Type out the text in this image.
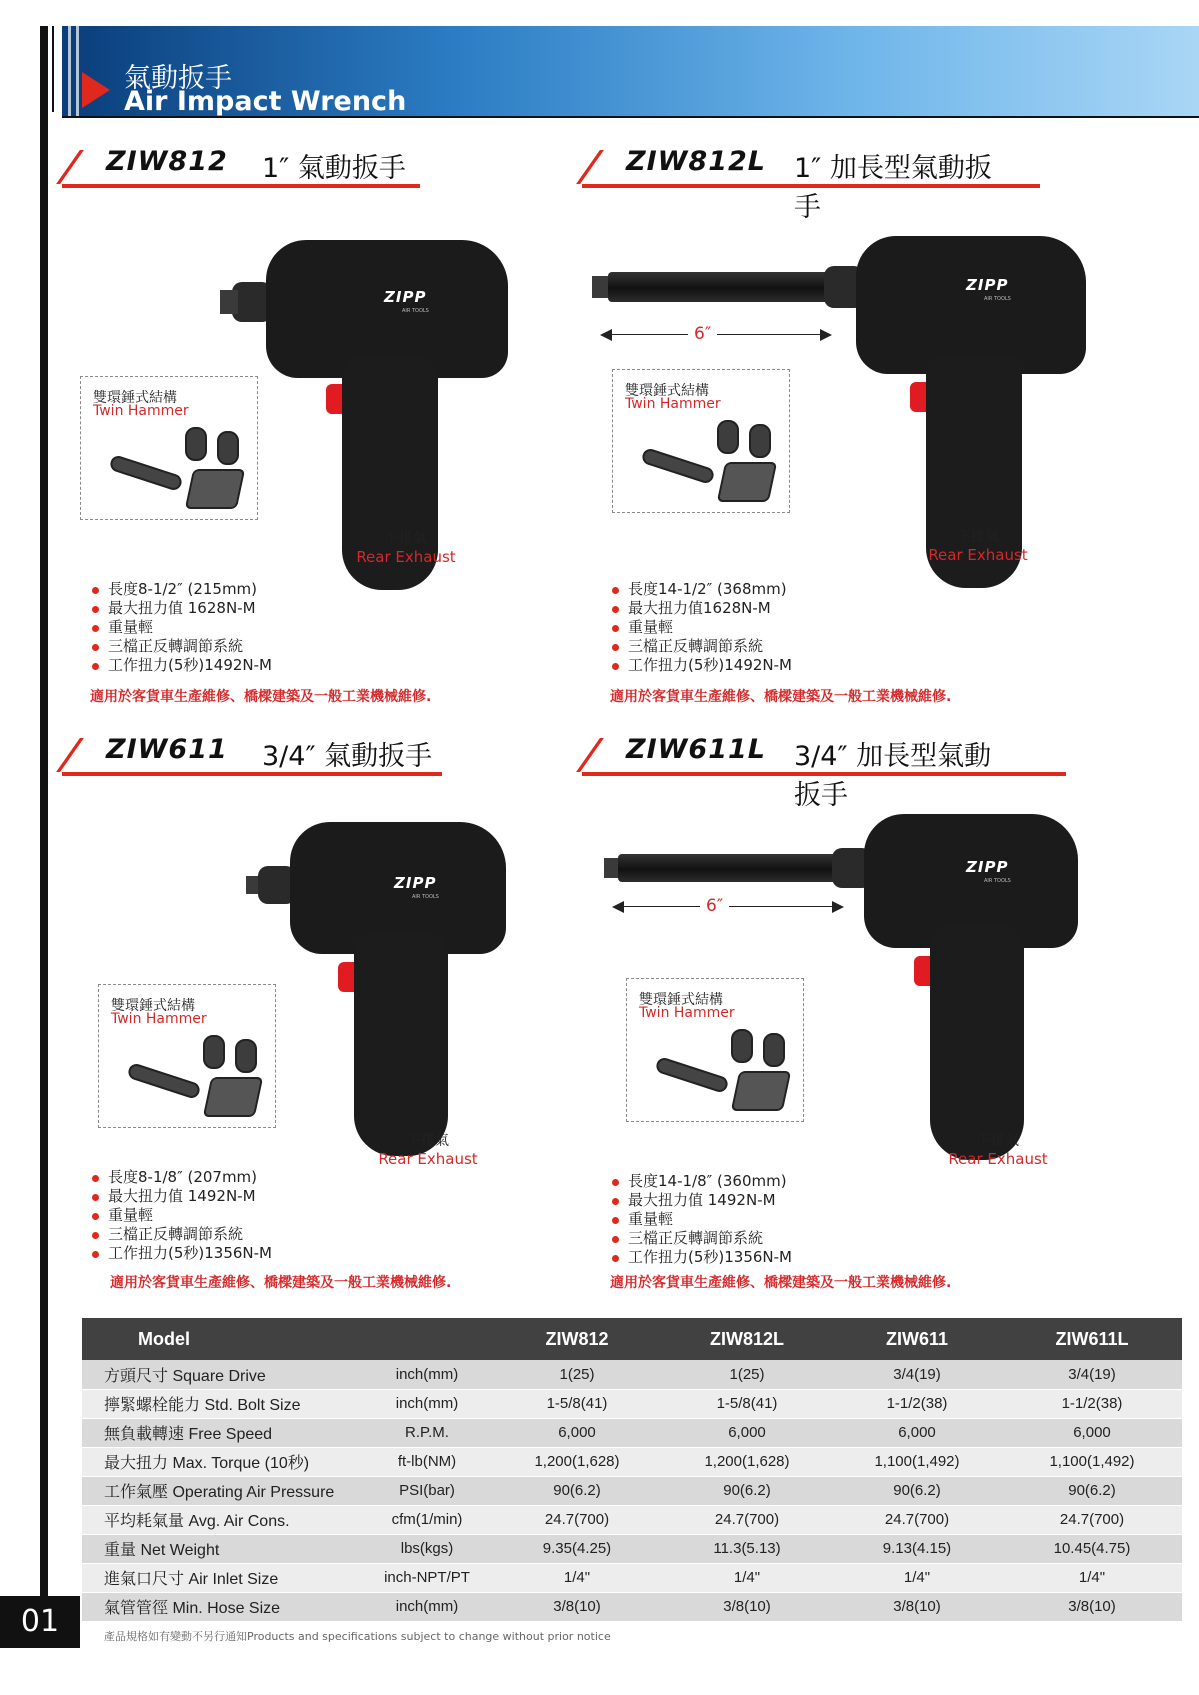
氣動扳手
Air Impact Wrench
ZIW812 1″ 氣動扳手
ZIPP
AIR TOOLS
雙環錘式結構
Twin Hammer
下排氣
Rear Exhaust
長度8-1/2″ (215mm)
最大扭力值 1628N-M
重量輕
三檔正反轉調節系統
工作扭力(5秒)1492N-M
適用於客貨車生產維修、橋樑建築及一般工業機械維修.
ZIW812L 1″ 加長型氣動扳手
ZIPP
AIR TOOLS
6″
雙環錘式結構
Twin Hammer
下排氣
Rear Exhaust
長度14-1/2″ (368mm)
最大扭力值1628N-M
重量輕
三檔正反轉調節系統
工作扭力(5秒)1492N-M
適用於客貨車生產維修、橋樑建築及一般工業機械維修.
ZIW611 3/4″ 氣動扳手
ZIPP
AIR TOOLS
雙環錘式結構
Twin Hammer
下排氣
Rear Exhaust
長度8-1/8″ (207mm)
最大扭力值 1492N-M
重量輕
三檔正反轉調節系統
工作扭力(5秒)1356N-M
適用於客貨車生產維修、橋樑建築及一般工業機械維修.
ZIW611L 3/4″ 加長型氣動扳手
ZIPP
AIR TOOLS
6″
雙環錘式結構
Twin Hammer
下排氣
Rear Exhaust
長度14-1/8″ (360mm)
最大扭力值 1492N-M
重量輕
三檔正反轉調節系統
工作扭力(5秒)1356N-M
適用於客貨車生產維修、橋樑建築及一般工業機械維修.
Model		ZIW812	ZIW812L	ZIW611	ZIW611L
方頭尺寸 Square Drive	inch(mm)	1(25)	1(25)	3/4(19)	3/4(19)
擰緊螺栓能力 Std. Bolt Size	inch(mm)	1-5/8(41)	1-5/8(41)	1-1/2(38)	1-1/2(38)
無負載轉速 Free Speed	R.P.M.	6,000	6,000	6,000	6,000
最大扭力 Max. Torque (10秒)	ft-lb(NM)	1,200(1,628)	1,200(1,628)	1,100(1,492)	1,100(1,492)
工作氣壓 Operating Air Pressure	PSI(bar)	90(6.2)	90(6.2)	90(6.2)	90(6.2)
平均耗氣量 Avg. Air Cons.	cfm(1/min)	24.7(700)	24.7(700)	24.7(700)	24.7(700)
重量 Net Weight	lbs(kgs)	9.35(4.25)	11.3(5.13)	9.13(4.15)	10.45(4.75)
進氣口尺寸 Air Inlet Size	inch-NPT/PT	1/4"	1/4"	1/4"	1/4"
氣管管徑 Min. Hose Size	inch(mm)	3/8(10)	3/8(10)	3/8(10)	3/8(10)
01	產品規格如有變動不另行通知Products and specifications subject to change without prior notice
